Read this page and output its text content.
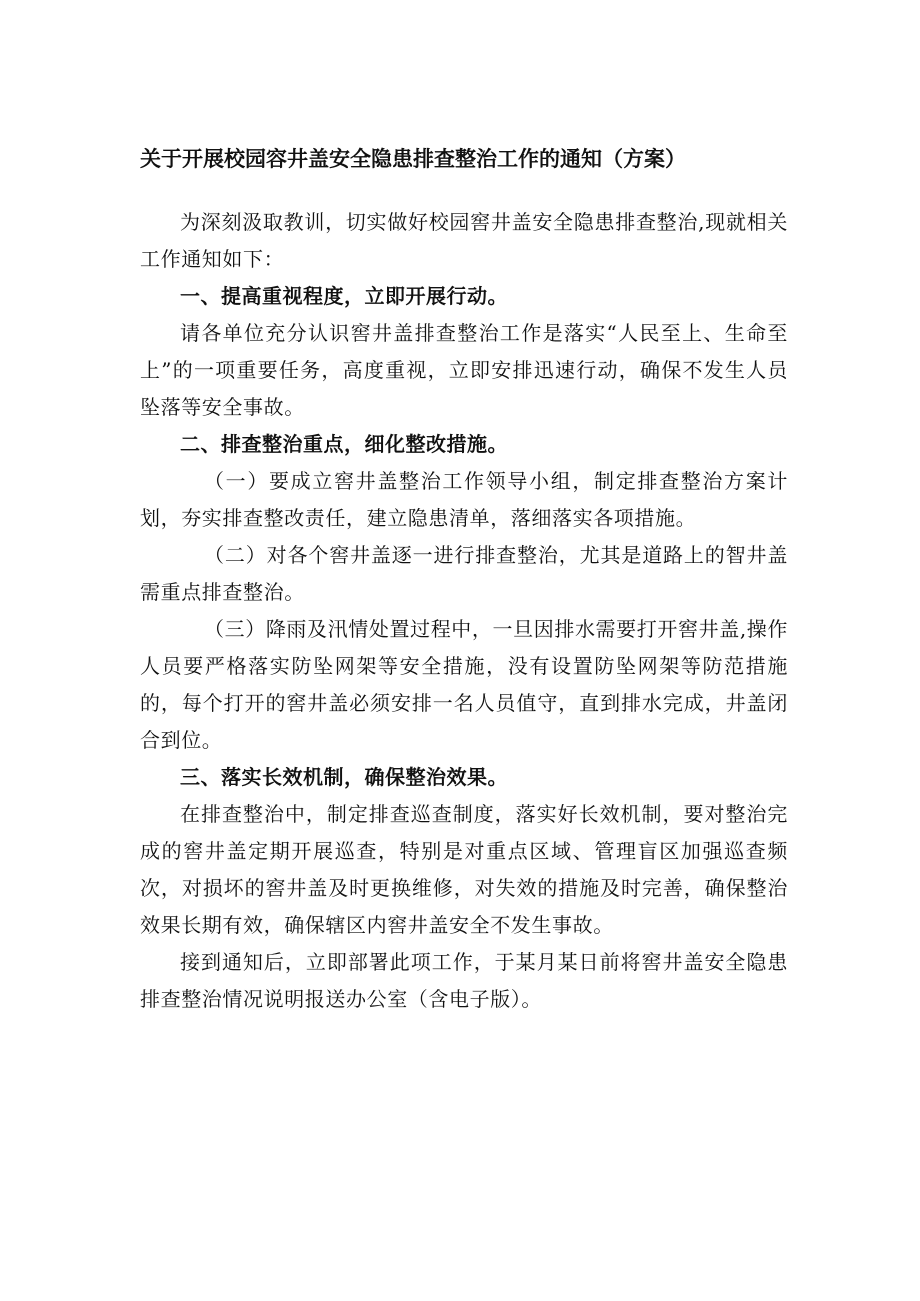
关于开展校园容井盖安全隐患排查整治工作的通知（方案）

为深刻汲取教训，切实做好校园窖井盖安全隐患排查整治,现就相关工作通知如下：

一、提高重视程度，立即开展行动。

请各单位充分认识窖井盖排查整治工作是落实“人民至上、生命至上”的一项重要任务，高度重视，立即安排迅速行动，确保不发生人员坠落等安全事故。

二、排查整治重点，细化整改措施。

（一）要成立窖井盖整治工作领导小组，制定排查整治方案计划，夯实排查整改责任，建立隐患清单，落细落实各项措施。

（二）对各个窖井盖逐一进行排查整治，尤其是道路上的智井盖需重点排查整治。

（三）降雨及汛情处置过程中，一旦因排水需要打开窖井盖,操作人员要严格落实防坠网架等安全措施，没有设置防坠网架等防范措施的，每个打开的窖井盖必须安排一名人员值守，直到排水完成，井盖闭合到位。

三、落实长效机制，确保整治效果。

在排查整治中，制定排查巡查制度，落实好长效机制，要对整治完成的窖井盖定期开展巡查，特别是对重点区域、管理盲区加强巡查频次，对损坏的窖井盖及时更换维修，对失效的措施及时完善，确保整治效果长期有效，确保辖区内窖井盖安全不发生事故。

接到通知后，立即部署此项工作，于某月某日前将窖井盖安全隐患排查整治情况说明报送办公室（含电子版）。
